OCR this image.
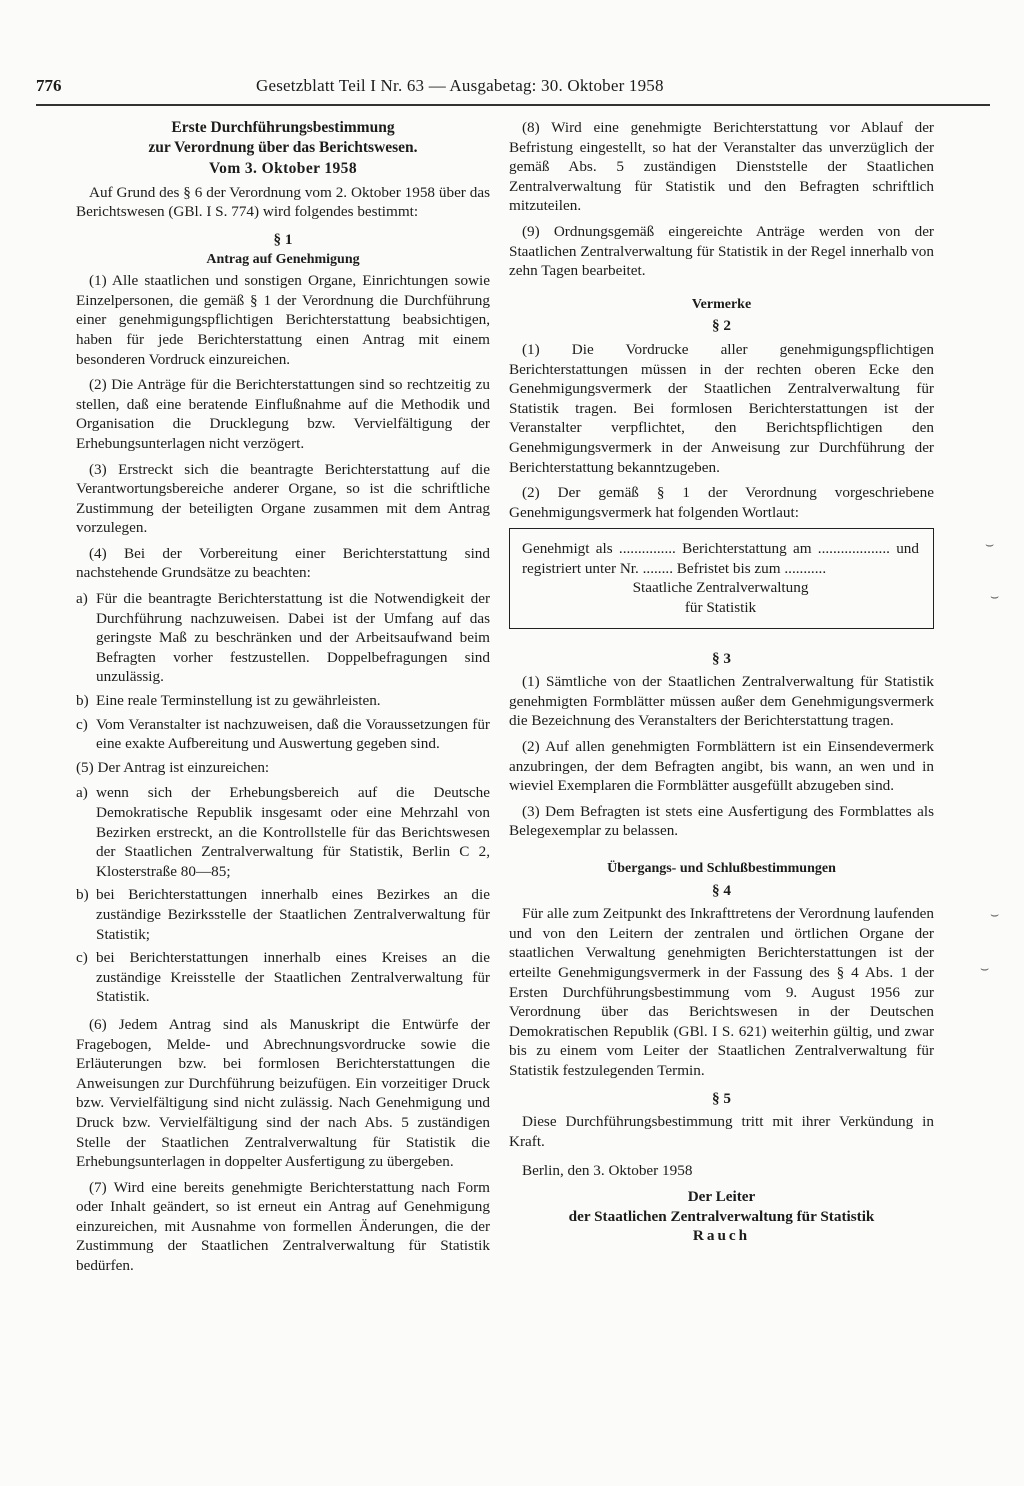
776	Gesetzblatt Teil I Nr. 63 — Ausgabetag: 30. Oktober 1958
Erste Durchführungsbestimmung
zur Verordnung über das Berichtswesen.
Vom 3. Oktober 1958

Auf Grund des § 6 der Verordnung vom 2. Oktober 1958 über das Berichtswesen (GBl. I S. 774) wird folgendes bestimmt:

§ 1
Antrag auf Genehmigung

(1) Alle staatlichen und sonstigen Organe, Einrichtungen sowie Einzelpersonen, die gemäß § 1 der Verordnung die Durchführung einer genehmigungspflichtigen Berichterstattung beabsichtigen, haben für jede Berichterstattung einen Antrag mit einem besonderen Vordruck einzureichen.

(2) Die Anträge für die Berichterstattungen sind so rechtzeitig zu stellen, daß eine beratende Einflußnahme auf die Methodik und Organisation die Drucklegung bzw. Vervielfältigung der Erhebungsunterlagen nicht verzögert.

(3) Erstreckt sich die beantragte Berichterstattung auf die Verantwortungsbereiche anderer Organe, so ist die schriftliche Zustimmung der beteiligten Organe zusammen mit dem Antrag vorzulegen.

(4) Bei der Vorbereitung einer Berichterstattung sind nachstehende Grundsätze zu beachten:

a) Für die beantragte Berichterstattung ist die Notwendigkeit der Durchführung nachzuweisen. Dabei ist der Umfang auf das geringste Maß zu beschränken und der Arbeitsaufwand beim Befragten vorher festzustellen. Doppelbefragungen sind unzulässig.
b) Eine reale Terminstellung ist zu gewährleisten.
c) Vom Veranstalter ist nachzuweisen, daß die Voraussetzungen für eine exakte Aufbereitung und Auswertung gegeben sind.

(5) Der Antrag ist einzureichen:

a) wenn sich der Erhebungsbereich auf die Deutsche Demokratische Republik insgesamt oder eine Mehrzahl von Bezirken erstreckt, an die Kontrollstelle für das Berichtswesen der Staatlichen Zentralverwaltung für Statistik, Berlin C 2, Klosterstraße 80—85;
b) bei Berichterstattungen innerhalb eines Bezirkes an die zuständige Bezirksstelle der Staatlichen Zentralverwaltung für Statistik;
c) bei Berichterstattungen innerhalb eines Kreises an die zuständige Kreisstelle der Staatlichen Zentralverwaltung für Statistik.

(6) Jedem Antrag sind als Manuskript die Entwürfe der Fragebogen, Melde- und Abrechnungsvordrucke sowie die Erläuterungen bzw. bei formlosen Berichterstattungen die Anweisungen zur Durchführung beizufügen. Ein vorzeitiger Druck bzw. Vervielfältigung sind nicht zulässig. Nach Genehmigung und Druck bzw. Vervielfältigung sind der nach Abs. 5 zuständigen Stelle der Staatlichen Zentralverwaltung für Statistik die Erhebungsunterlagen in doppelter Ausfertigung zu übergeben.

(7) Wird eine bereits genehmigte Berichterstattung nach Form oder Inhalt geändert, so ist erneut ein Antrag auf Genehmigung einzureichen, mit Ausnahme von formellen Änderungen, die der Zustimmung der Staatlichen Zentralverwaltung für Statistik bedürfen.

(8) Wird eine genehmigte Berichterstattung vor Ablauf der Befristung eingestellt, so hat der Veranstalter das unverzüglich der gemäß Abs. 5 zuständigen Dienststelle der Staatlichen Zentralverwaltung für Statistik und den Befragten schriftlich mitzuteilen.

(9) Ordnungsgemäß eingereichte Anträge werden von der Staatlichen Zentralverwaltung für Statistik in der Regel innerhalb von zehn Tagen bearbeitet.

Vermerke
§ 2

(1) Die Vordrucke aller genehmigungspflichtigen Berichterstattungen müssen in der rechten oberen Ecke den Genehmigungsvermerk der Staatlichen Zentralverwaltung für Statistik tragen. Bei formlosen Berichterstattungen ist der Veranstalter verpflichtet, den Berichtspflichtigen den Genehmigungsvermerk in der Anweisung zur Durchführung der Berichterstattung bekanntzugeben.

(2) Der gemäß § 1 der Verordnung vorgeschriebene Genehmigungsvermerk hat folgenden Wortlaut:

Genehmigt als ............... Berichterstattung am ................... und registriert unter Nr. ........ Befristet bis zum ...........

Staatliche Zentralverwaltung
für Statistik
§ 3

(1) Sämtliche von der Staatlichen Zentralverwaltung für Statistik genehmigten Formblätter müssen außer dem Genehmigungsvermerk die Bezeichnung des Veranstalters der Berichterstattung tragen.

(2) Auf allen genehmigten Formblättern ist ein Einsendevermerk anzubringen, der dem Befragten angibt, bis wann, an wen und in wieviel Exemplaren die Formblätter ausgefüllt abzugeben sind.

(3) Dem Befragten ist stets eine Ausfertigung des Formblattes als Belegexemplar zu belassen.

Übergangs- und Schlußbestimmungen
§ 4

Für alle zum Zeitpunkt des Inkrafttretens der Verordnung laufenden und von den Leitern der zentralen und örtlichen Organe der staatlichen Verwaltung genehmigten Berichterstattungen ist der erteilte Genehmigungsvermerk in der Fassung des § 4 Abs. 1 der Ersten Durchführungsbestimmung vom 9. August 1956 zur Verordnung über das Berichtswesen in der Deutschen Demokratischen Republik (GBl. I S. 621) weiterhin gültig, und zwar bis zu einem vom Leiter der Staatlichen Zentralverwaltung für Statistik festzulegenden Termin.

§ 5

Diese Durchführungsbestimmung tritt mit ihrer Verkündung in Kraft.

Berlin, den 3. Oktober 1958

Der Leiter
der Staatlichen Zentralverwaltung für Statistik
Rauch
⌣
⌣
⌣
⌣
